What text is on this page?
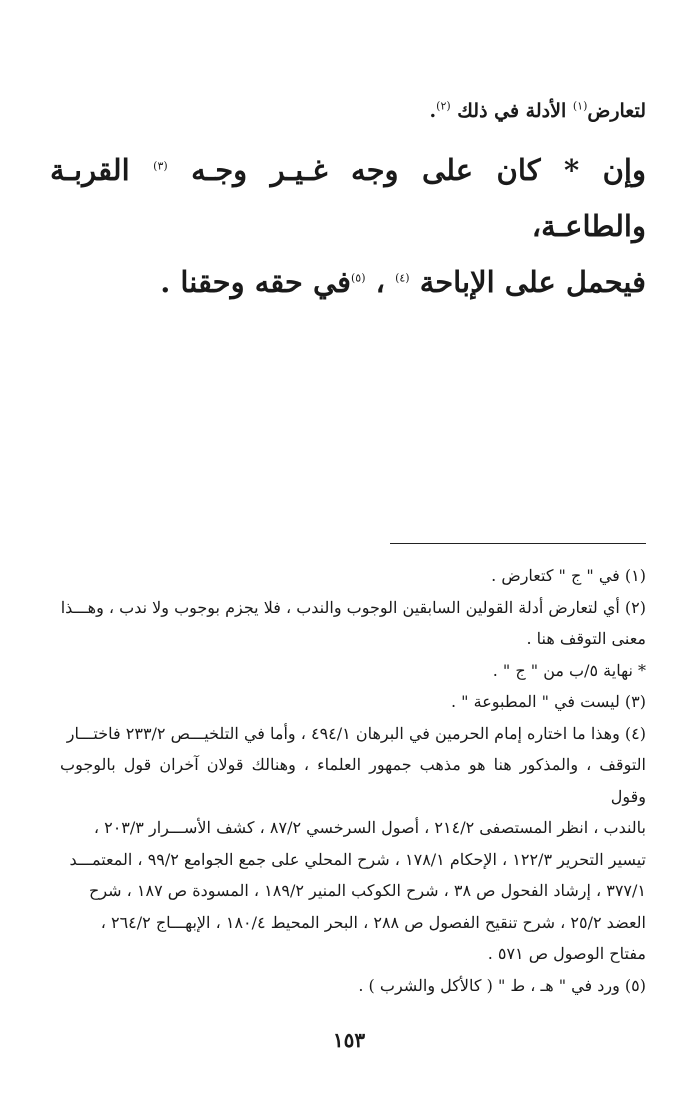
لتعارض$^{(١)}$ الأدلة في ذلك $^{(٢)}$.
وإن * كان على وجه غـيـر وجـه $^{(٣)}$ القربـة والطاعـة،
فيحمل على الإباحة $^{(٤)}$ ، $^{(٥)}$في حقه وحقنا .

(١) في " ج " كتعارض .

(٢) أي لتعارض أدلة القولين السابقين الوجوب والندب ، فلا يجزم بوجوب ولا ندب ، وهـــذا

معنى التوقف هنا .

* نهاية ٥/ب من " ج " .

(٣) ليست في " المطبوعة " .

(٤) وهذا ما اختاره إمام الحرمين في البرهان ٤٩٤/١ ، وأما في التلخيـــص ٢٣٣/٢ فاختـــار

التوقف ، والمذكور هنا هو مذهب جمهور العلماء ، وهنالك قولان آخران قول بالوجوب وقول

بالندب ، انظر المستصفى ٢١٤/٢ ، أصول السرخسي ٨٧/٢ ، كشف الأســـرار ٢٠٣/٣ ،

تيسير التحرير ١٢٢/٣ ، الإحكام ١٧٨/١ ، شرح المحلي على جمع الجوامع ٩٩/٢ ، المعتمـــد

٣٧٧/١ ، إرشاد الفحول ص ٣٨ ، شرح الكوكب المنير ١٨٩/٢ ، المسودة ص ١٨٧ ، شرح

العضد ٢٥/٢ ، شرح تنقيح الفصول ص ٢٨٨ ، البحر المحيط ١٨٠/٤ ، الإبهـــاج ٢٦٤/٢ ،

مفتاح الوصول ص ٥٧١ .

(٥) ورد في " هـ ، ط " ( كالأكل والشرب ) .

١٥٣
